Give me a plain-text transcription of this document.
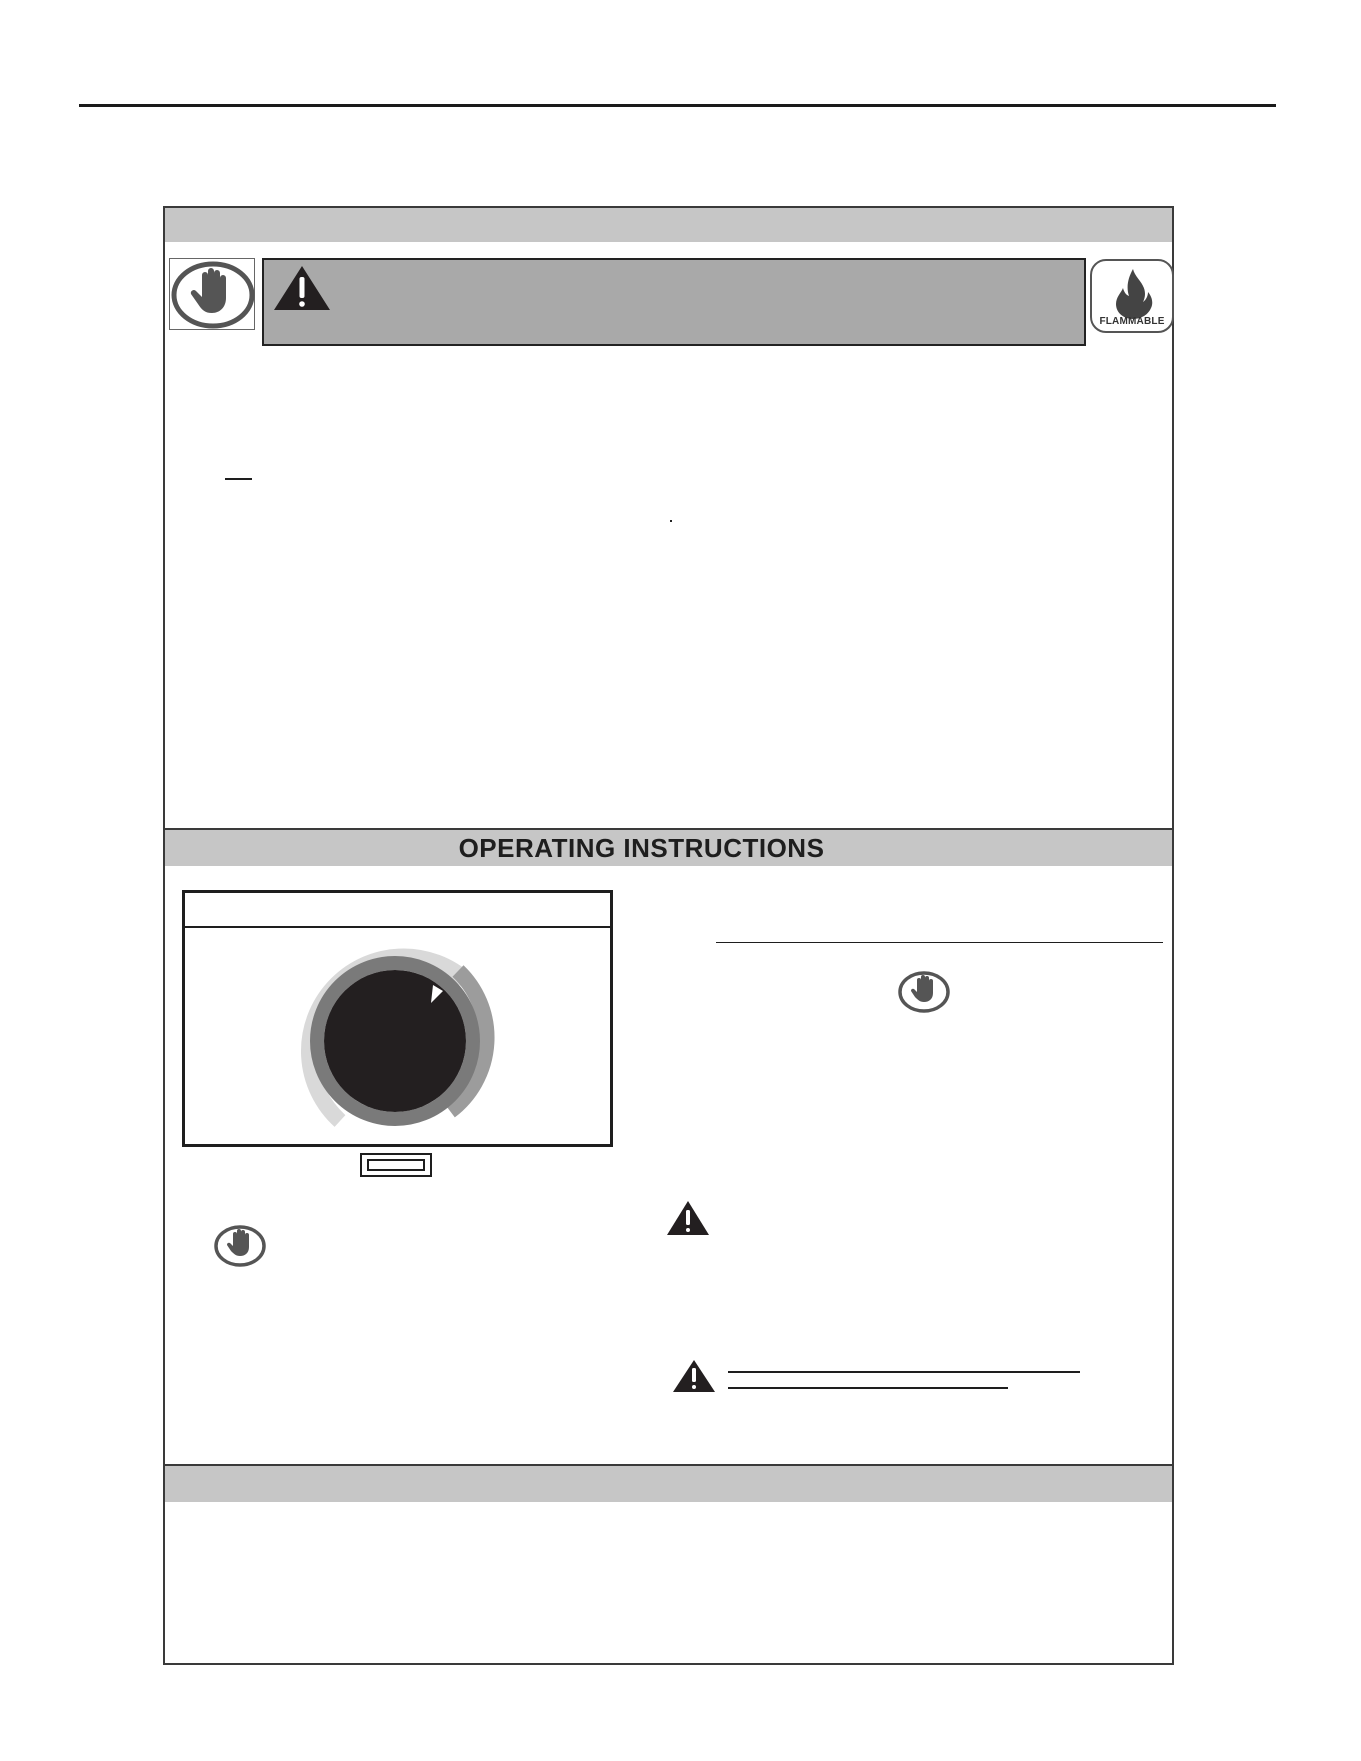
FLAMMABLE
OPERATING INSTRUCTIONS
